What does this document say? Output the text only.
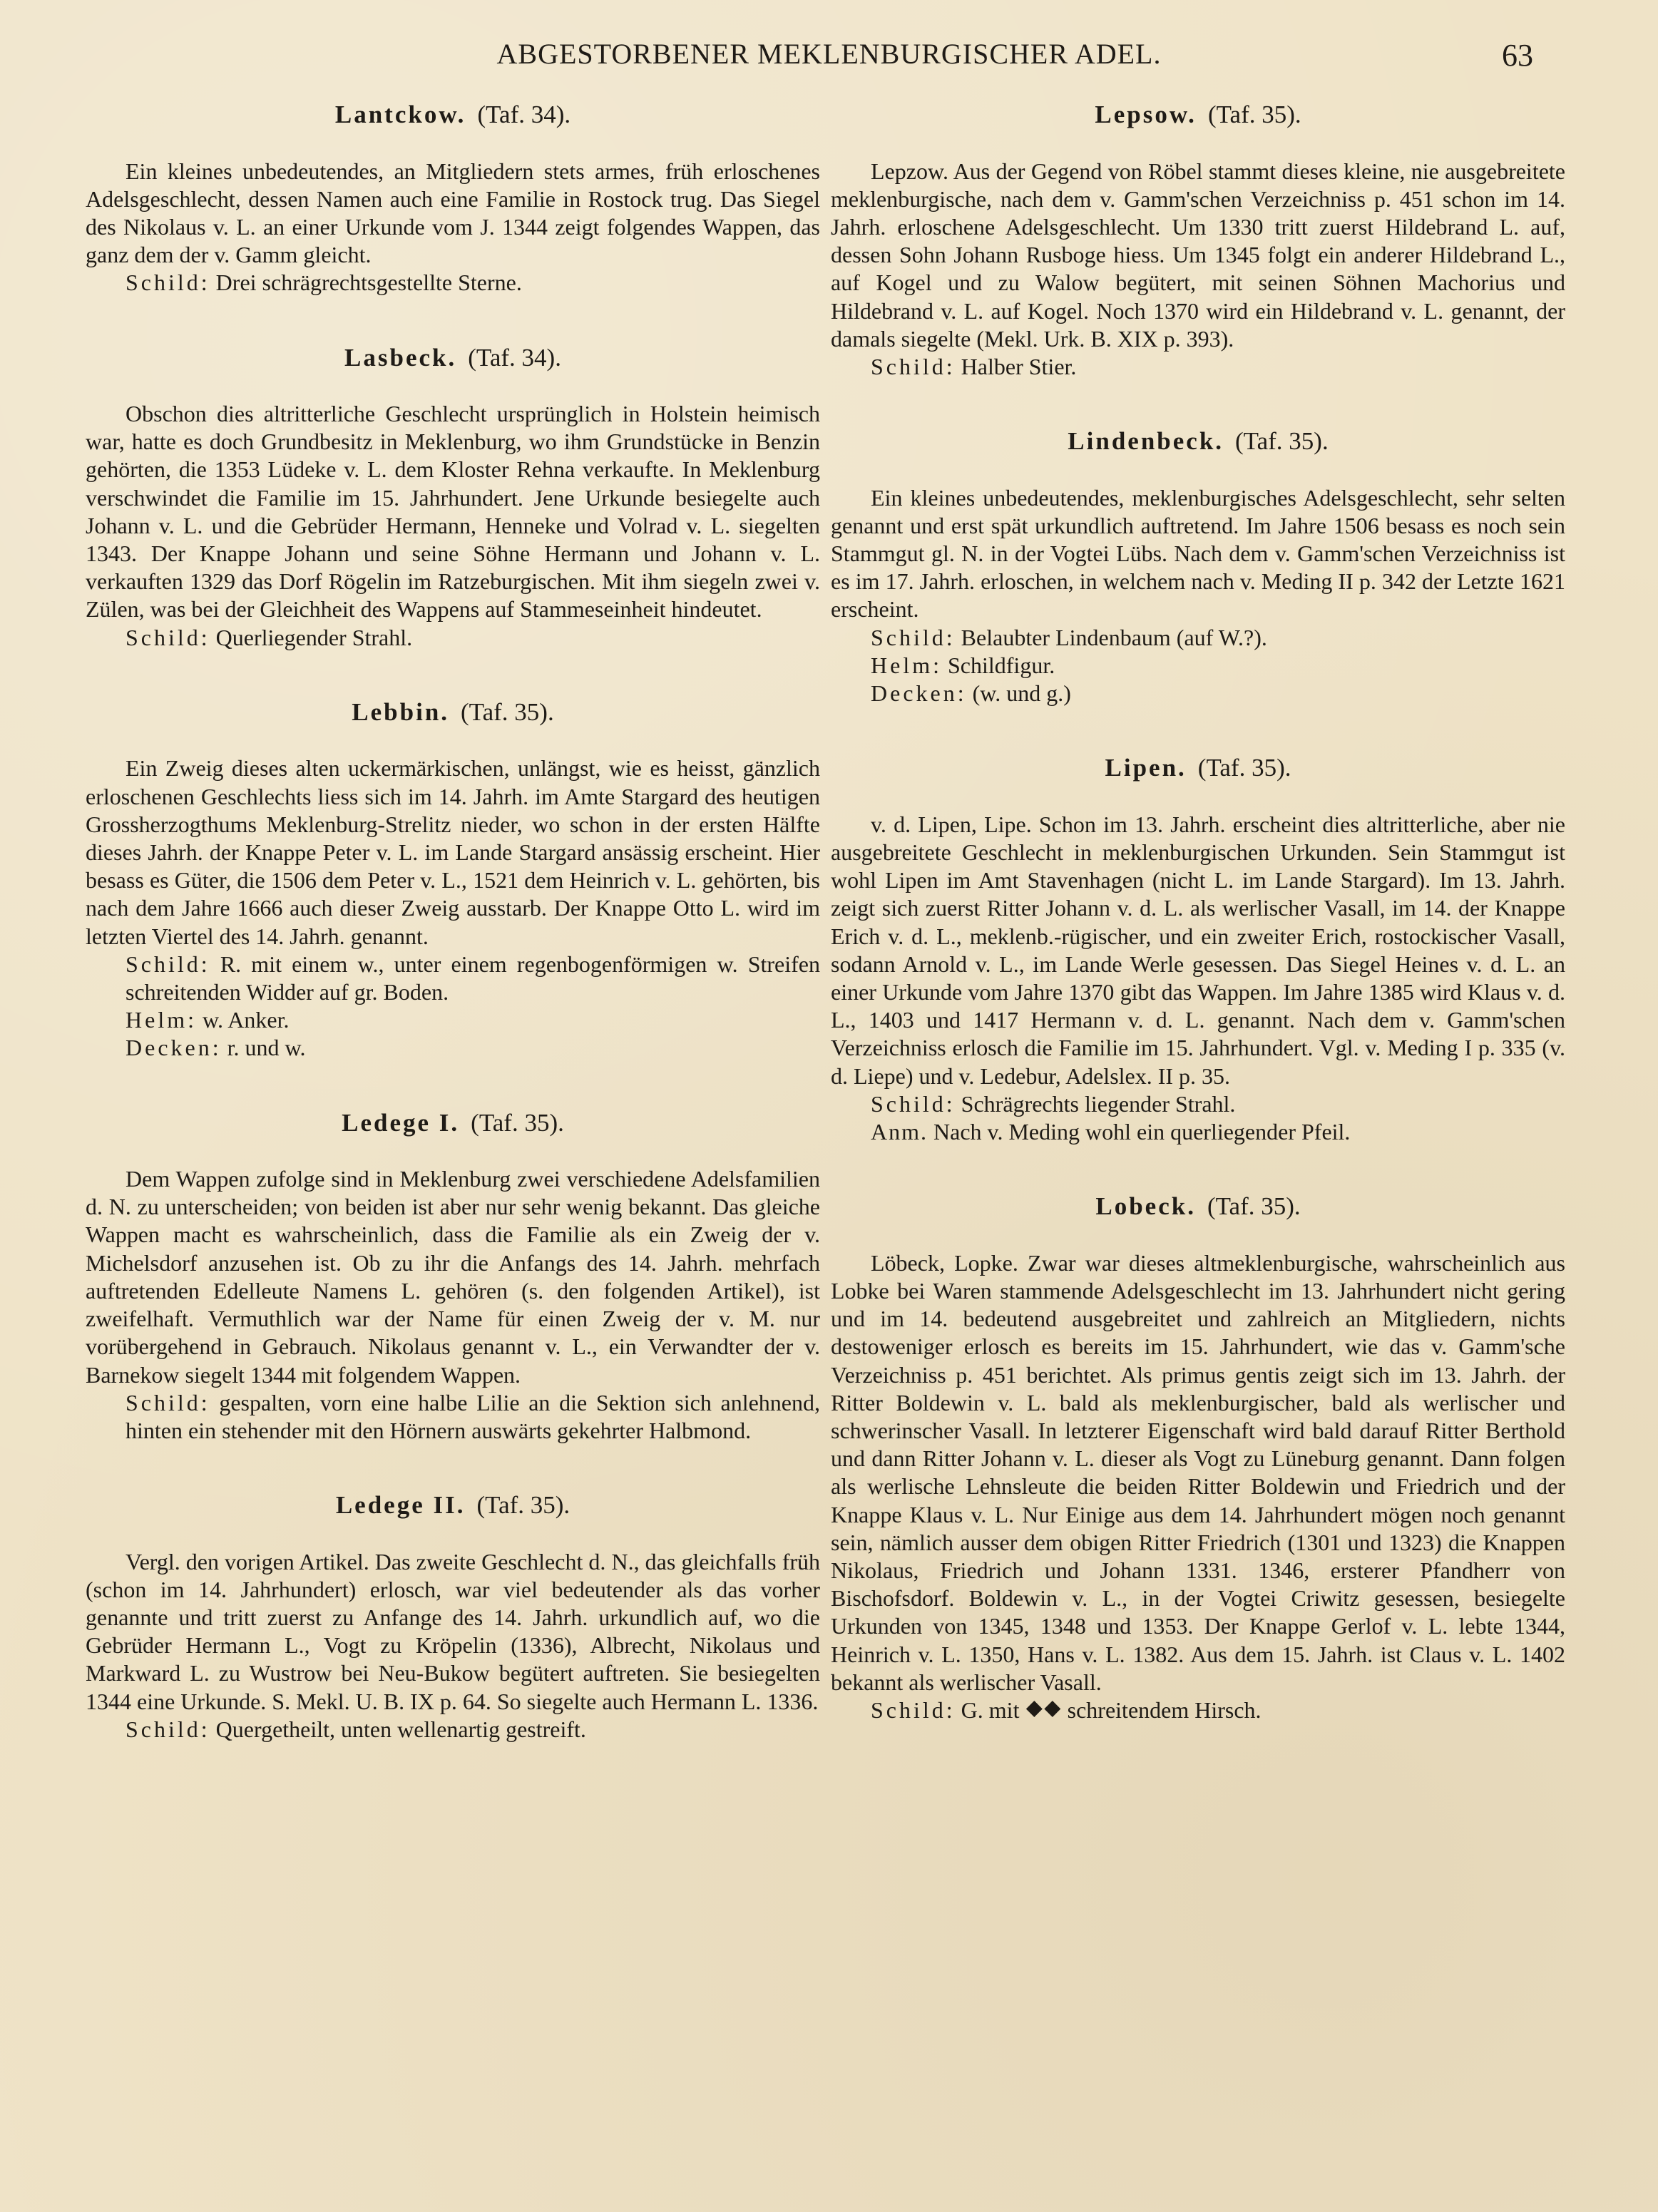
ABGESTORBENER MEKLENBURGISCHER ADEL.	63
Lantckow. (Taf. 34).

Ein kleines unbedeutendes, an Mitgliedern stets armes, früh erloschenes Adelsgeschlecht, dessen Namen auch eine Familie in Rostock trug. Das Siegel des Nikolaus v. L. an einer Urkunde vom J. 1344 zeigt folgendes Wappen, das ganz dem der v. Gamm gleicht.

Schild: Drei schrägrechtsgestellte Sterne.

Lasbeck. (Taf. 34).

Obschon dies altritterliche Geschlecht ursprünglich in Holstein heimisch war, hatte es doch Grundbesitz in Meklenburg, wo ihm Grundstücke in Benzin gehörten, die 1353 Lüdeke v. L. dem Kloster Rehna verkaufte. In Meklenburg verschwindet die Familie im 15. Jahrhundert. Jene Urkunde besiegelte auch Johann v. L. und die Gebrüder Hermann, Henneke und Volrad v. L. siegelten 1343. Der Knappe Johann und seine Söhne Hermann und Johann v. L. verkauften 1329 das Dorf Rögelin im Ratzeburgischen. Mit ihm siegeln zwei v. Zülen, was bei der Gleichheit des Wappens auf Stammeseinheit hindeutet.

Schild: Querliegender Strahl.

Lebbin. (Taf. 35).

Ein Zweig dieses alten uckermärkischen, unlängst, wie es heisst, gänzlich erloschenen Geschlechts liess sich im 14. Jahrh. im Amte Stargard des heutigen Grossherzogthums Meklenburg-Strelitz nieder, wo schon in der ersten Hälfte dieses Jahrh. der Knappe Peter v. L. im Lande Stargard ansässig erscheint. Hier besass es Güter, die 1506 dem Peter v. L., 1521 dem Heinrich v. L. gehörten, bis nach dem Jahre 1666 auch dieser Zweig ausstarb. Der Knappe Otto L. wird im letzten Viertel des 14. Jahrh. genannt.

Schild: R. mit einem w., unter einem regenbogenförmigen w. Streifen schreitenden Widder auf gr. Boden.

Helm: w. Anker.

Decken: r. und w.

Ledege I. (Taf. 35).

Dem Wappen zufolge sind in Meklenburg zwei verschiedene Adelsfamilien d. N. zu unterscheiden; von beiden ist aber nur sehr wenig bekannt. Das gleiche Wappen macht es wahrscheinlich, dass die Familie als ein Zweig der v. Michelsdorf anzusehen ist. Ob zu ihr die Anfangs des 14. Jahrh. mehrfach auftretenden Edelleute Namens L. gehören (s. den folgenden Artikel), ist zweifelhaft. Vermuthlich war der Name für einen Zweig der v. M. nur vorübergehend in Gebrauch. Nikolaus genannt v. L., ein Verwandter der v. Barnekow siegelt 1344 mit folgendem Wappen.

Schild: gespalten, vorn eine halbe Lilie an die Sektion sich anlehnend, hinten ein stehender mit den Hörnern auswärts gekehrter Halbmond.

Ledege II. (Taf. 35).

Vergl. den vorigen Artikel. Das zweite Geschlecht d. N., das gleichfalls früh (schon im 14. Jahrhundert) erlosch, war viel bedeutender als das vorher genannte und tritt zuerst zu Anfange des 14. Jahrh. urkundlich auf, wo die Gebrüder Hermann L., Vogt zu Kröpelin (1336), Albrecht, Nikolaus und Markward L. zu Wustrow bei Neu-Bukow begütert auftreten. Sie besiegelten 1344 eine Urkunde. S. Mekl. U. B. IX p. 64. So siegelte auch Hermann L. 1336.

Schild: Quergetheilt, unten wellenartig gestreift.

Lepsow. (Taf. 35).

Lepzow. Aus der Gegend von Röbel stammt dieses kleine, nie ausgebreitete meklenburgische, nach dem v. Gamm'schen Verzeichniss p. 451 schon im 14. Jahrh. erloschene Adelsgeschlecht. Um 1330 tritt zuerst Hildebrand L. auf, dessen Sohn Johann Rusboge hiess. Um 1345 folgt ein anderer Hildebrand L., auf Kogel und zu Walow begütert, mit seinen Söhnen Machorius und Hildebrand v. L. auf Kogel. Noch 1370 wird ein Hildebrand v. L. genannt, der damals siegelte (Mekl. Urk. B. XIX p. 393).

Schild: Halber Stier.

Lindenbeck. (Taf. 35).

Ein kleines unbedeutendes, meklenburgisches Adelsgeschlecht, sehr selten genannt und erst spät urkundlich auftretend. Im Jahre 1506 besass es noch sein Stammgut gl. N. in der Vogtei Lübs. Nach dem v. Gamm'schen Verzeichniss ist es im 17. Jahrh. erloschen, in welchem nach v. Meding II p. 342 der Letzte 1621 erscheint.

Schild: Belaubter Lindenbaum (auf W.?).

Helm: Schildfigur.

Decken: (w. und g.)

Lipen. (Taf. 35).

v. d. Lipen, Lipe. Schon im 13. Jahrh. erscheint dies altritterliche, aber nie ausgebreitete Geschlecht in meklenburgischen Urkunden. Sein Stammgut ist wohl Lipen im Amt Stavenhagen (nicht L. im Lande Stargard). Im 13. Jahrh. zeigt sich zuerst Ritter Johann v. d. L. als werlischer Vasall, im 14. der Knappe Erich v. d. L., meklenb.-rügischer, und ein zweiter Erich, rostockischer Vasall, sodann Arnold v. L., im Lande Werle gesessen. Das Siegel Heines v. d. L. an einer Urkunde vom Jahre 1370 gibt das Wappen. Im Jahre 1385 wird Klaus v. d. L., 1403 und 1417 Hermann v. d. L. genannt. Nach dem v. Gamm'schen Verzeichniss erlosch die Familie im 15. Jahrhundert. Vgl. v. Meding I p. 335 (v. d. Liepe) und v. Ledebur, Adelslex. II p. 35.

Schild: Schrägrechts liegender Strahl.

Anm. Nach v. Meding wohl ein querliegender Pfeil.

Lobeck. (Taf. 35).

Löbeck, Lopke. Zwar war dieses altmeklenburgische, wahrscheinlich aus Lobke bei Waren stammende Adelsgeschlecht im 13. Jahrhundert nicht gering und im 14. bedeutend ausgebreitet und zahlreich an Mitgliedern, nichts destoweniger erlosch es bereits im 15. Jahrhundert, wie das v. Gamm'sche Verzeichniss p. 451 berichtet. Als primus gentis zeigt sich im 13. Jahrh. der Ritter Boldewin v. L. bald als meklenburgischer, bald als werlischer und schwerinscher Vasall. In letzterer Eigenschaft wird bald darauf Ritter Berthold und dann Ritter Johann v. L. dieser als Vogt zu Lüneburg genannt. Dann folgen als werlische Lehnsleute die beiden Ritter Boldewin und Friedrich und der Knappe Klaus v. L. Nur Einige aus dem 14. Jahrhundert mögen noch genannt sein, nämlich ausser dem obigen Ritter Friedrich (1301 und 1323) die Knappen Nikolaus, Friedrich und Johann 1331. 1346, ersterer Pfandherr von Bischofsdorf. Boldewin v. L., in der Vogtei Criwitz gesessen, besiegelte Urkunden von 1345, 1348 und 1353. Der Knappe Gerlof v. L. lebte 1344, Heinrich v. L. 1350, Hans v. L. 1382. Aus dem 15. Jahrh. ist Claus v. L. 1402 bekannt als werlischer Vasall.

Schild: G. mit ⯁⯁ schreitendem Hirsch.
